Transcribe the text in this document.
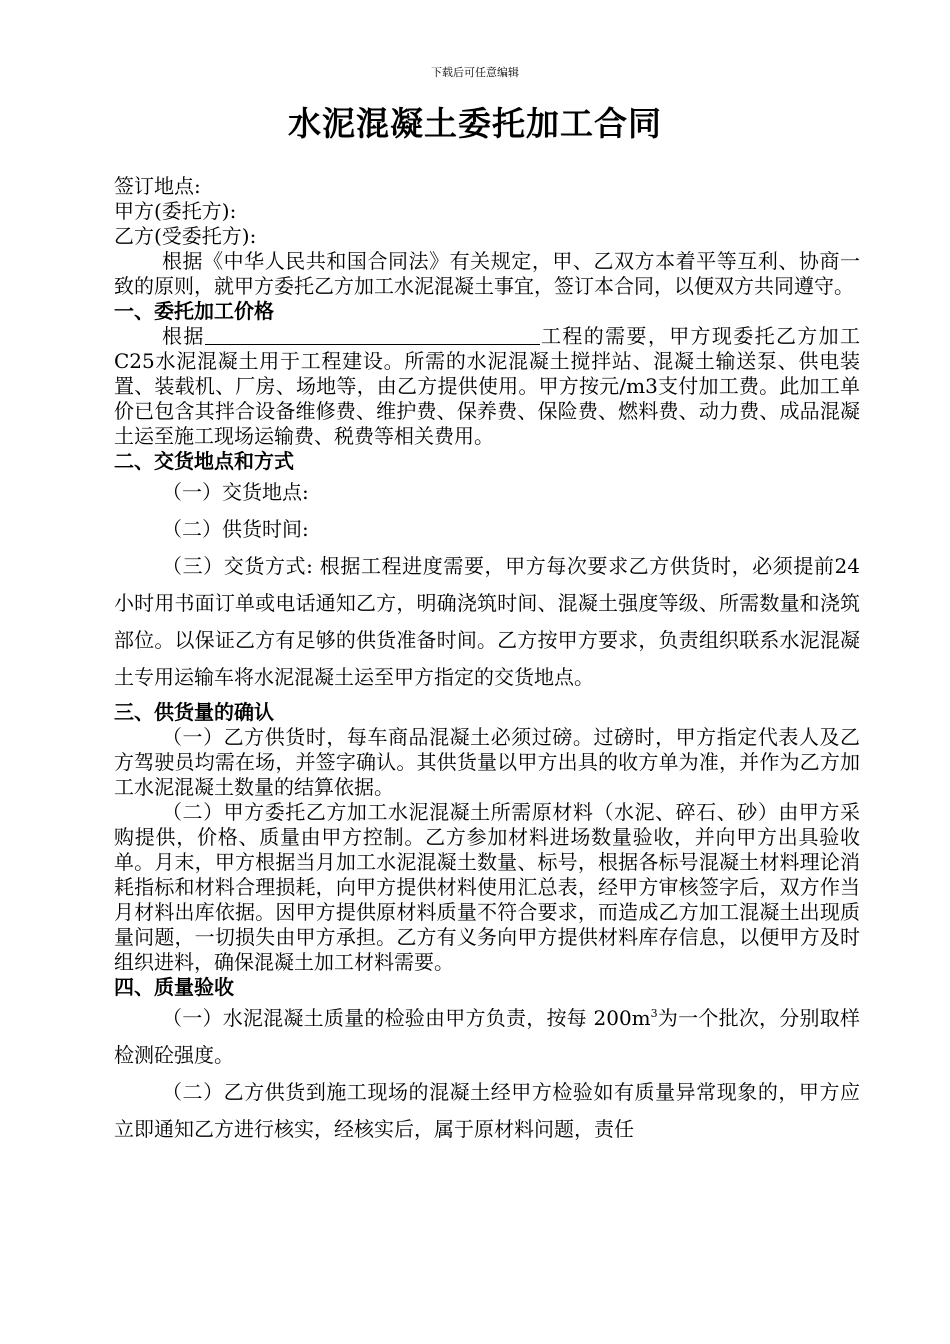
下载后可任意编辑
水泥混凝土委托加工合同

签订地点:

甲方(委托方):

乙方(受委托方):

根据《中华人民共和国合同法》有关规定，甲、乙双方本着平等互利、协商一致的原则，就甲方委托乙方加工水泥混凝土事宜，签订本合同，以便双方共同遵守。

一、委托加工价格

根据	工程的需要，甲方现委托乙方加工C25水泥混凝土用于工程建设。所需的水泥混凝土搅拌站、混凝土输送泵、供电装置、装载机、厂房、场地等，由乙方提供使用。甲方按元/m3支付加工费。此加工单价已包含其拌合设备维修费、维护费、保养费、保险费、燃料费、动力费、成品混凝土运至施工现场运输费、税费等相关费用。

二、交货地点和方式

（一）交货地点:

（二）供货时间:

（三）交货方式: 根据工程进度需要，甲方每次要求乙方供货时，必须提前24小时用书面订单或电话通知乙方，明确浇筑时间、混凝土强度等级、所需数量和浇筑部位。以保证乙方有足够的供货准备时间。乙方按甲方要求，负责组织联系水泥混凝土专用运输车将水泥混凝土运至甲方指定的交货地点。

三、供货量的确认

（一）乙方供货时，每车商品混凝土必须过磅。过磅时，甲方指定代表人及乙方驾驶员均需在场，并签字确认。其供货量以甲方出具的收方单为准，并作为乙方加工水泥混凝土数量的结算依据。

（二）甲方委托乙方加工水泥混凝土所需原材料（水泥、碎石、砂）由甲方采购提供，价格、质量由甲方控制。乙方参加材料进场数量验收，并向甲方出具验收单。月末，甲方根据当月加工水泥混凝土数量、标号，根据各标号混凝土材料理论消耗指标和材料合理损耗，向甲方提供材料使用汇总表，经甲方审核签字后，双方作当月材料出库依据。因甲方提供原材料质量不符合要求，而造成乙方加工混凝土出现质量问题，一切损失由甲方承担。乙方有义务向甲方提供材料库存信息，以便甲方及时组织进料，确保混凝土加工材料需要。

四、质量验收

（一）水泥混凝土质量的检验由甲方负责，按每 $200m^3$为一个批次，分别取样检测砼强度。

（二）乙方供货到施工现场的混凝土经甲方检验如有质量异常现象的，甲方应立即通知乙方进行核实，经核实后，属于原材料问题，责任
